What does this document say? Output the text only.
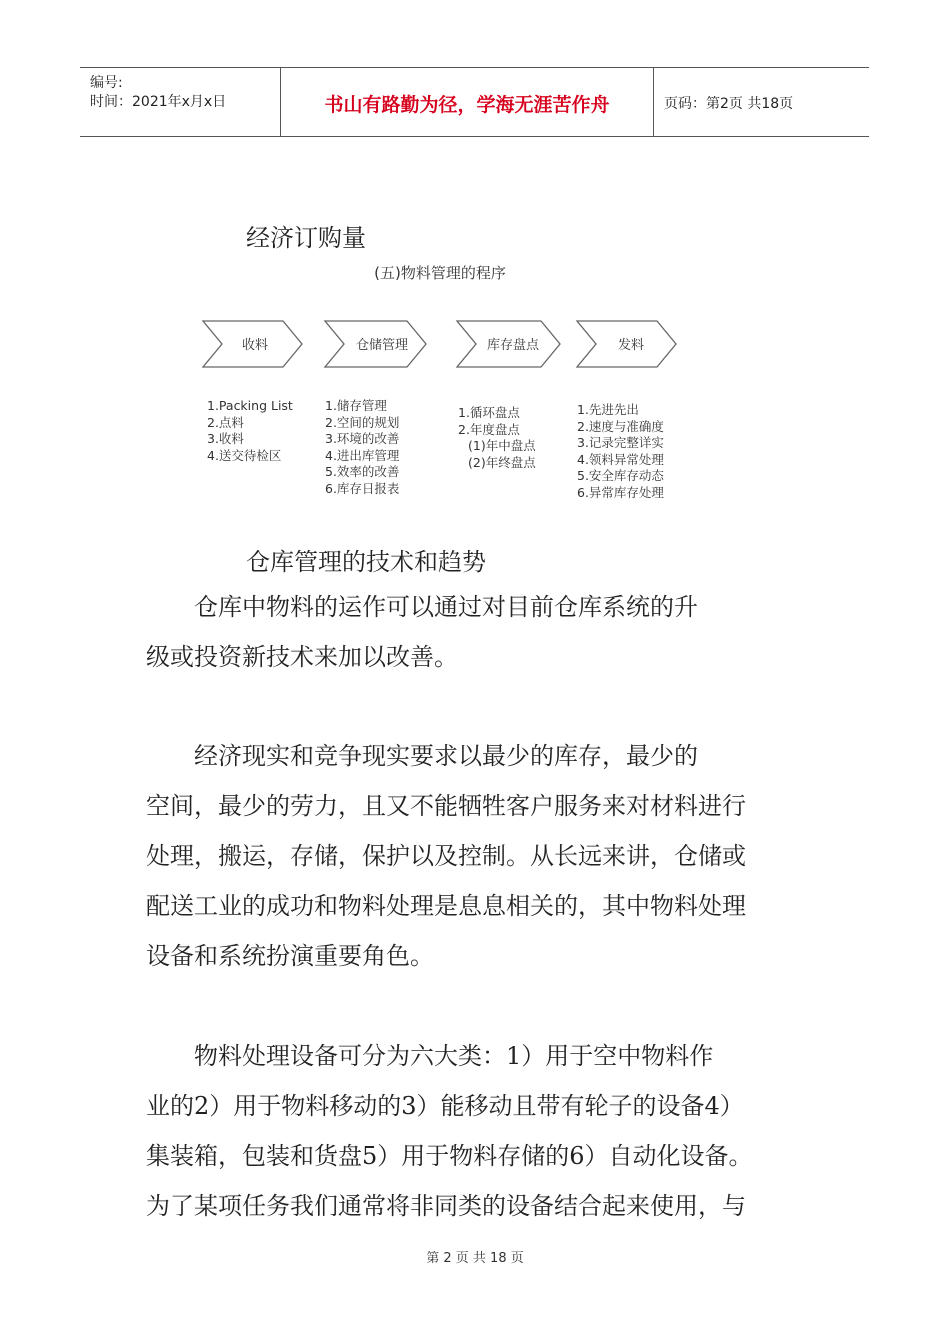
编号:
时间：2021年x月x日	书山有路勤为径，学海无涯苦作舟	页码：第2页 共18页
经济订购量
(五)物料管理的程序
收料	仓储管理	库存盘点	发料
1.Packing List
2.点料
3.收料
4.送交待检区
1.储存管理
2.空间的规划
3.环境的改善
4.进出库管理
5.效率的改善
6.库存日报表
1.循环盘点
2.年度盘点
(1)年中盘点
(2)年终盘点
1.先进先出
2.速度与准确度
3.记录完整详实
4.领料异常处理
5.安全库存动态
6.异常库存处理
仓库管理的技术和趋势
　　仓库中物料的运作可以通过对目前仓库系统的升
级或投资新技术来加以改善。
　　经济现实和竞争现实要求以最少的库存，最少的
空间，最少的劳力，且又不能牺牲客户服务来对材料进行
处理，搬运，存储，保护以及控制。从长远来讲，仓储或
配送工业的成功和物料处理是息息相关的，其中物料处理
设备和系统扮演重要角色。
　　物料处理设备可分为六大类：1）用于空中物料作
业的2）用于物料移动的3）能移动且带有轮子的设备4）
集装箱，包装和货盘5）用于物料存储的6）自动化设备。
为了某项任务我们通常将非同类的设备结合起来使用，与
第 2 页 共 18 页
